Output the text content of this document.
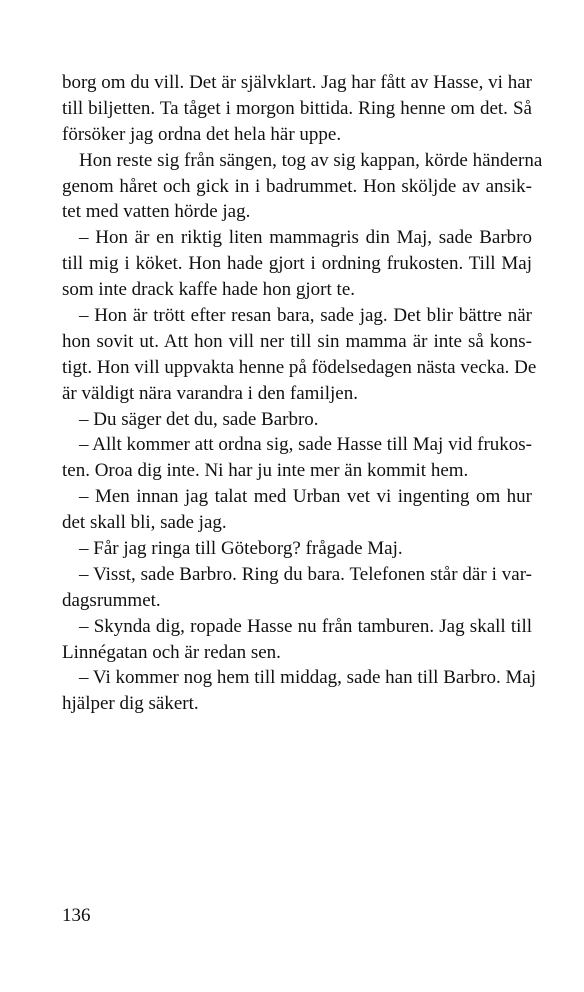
borg om du vill. Det är självklart. Jag har fått av Hasse, vi har
till biljetten. Ta tåget i morgon bittida. Ring henne om det. Så
försöker jag ordna det hela här uppe.
Hon reste sig från sängen, tog av sig kappan, körde händerna
genom håret och gick in i badrummet. Hon sköljde av ansik-
tet med vatten hörde jag.
– Hon är en riktig liten mammagris din Maj, sade Barbro
till mig i köket. Hon hade gjort i ordning frukosten. Till Maj
som inte drack kaffe hade hon gjort te.
– Hon är trött efter resan bara, sade jag. Det blir bättre när
hon sovit ut. Att hon vill ner till sin mamma är inte så kons-
tigt. Hon vill uppvakta henne på födelsedagen nästa vecka. De
är väldigt nära varandra i den familjen.
– Du säger det du, sade Barbro.
– Allt kommer att ordna sig, sade Hasse till Maj vid frukos-
ten. Oroa dig inte. Ni har ju inte mer än kommit hem.
– Men innan jag talat med Urban vet vi ingenting om hur
det skall bli, sade jag.
– Får jag ringa till Göteborg? frågade Maj.
– Visst, sade Barbro. Ring du bara. Telefonen står där i var-
dagsrummet.
– Skynda dig, ropade Hasse nu från tamburen. Jag skall till
Linnégatan och är redan sen.
– Vi kommer nog hem till middag, sade han till Barbro. Maj
hjälper dig säkert.
136
